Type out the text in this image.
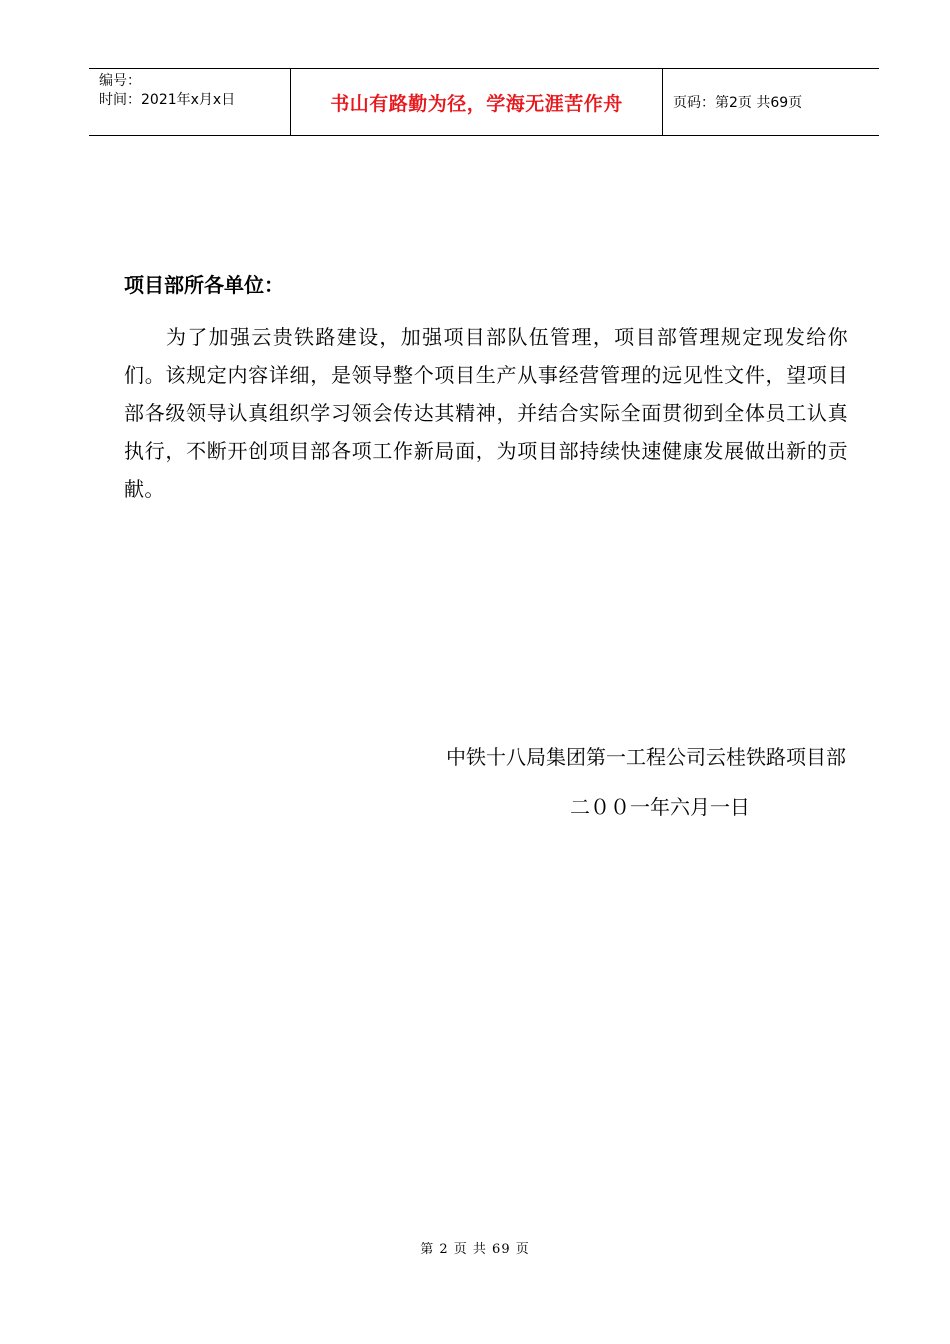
编号：
时间：2021年x月x日	书山有路勤为径，学海无涯苦作舟	页码：第2页 共69页
项目部所各单位：
为了加强云贵铁路建设，加强项目部队伍管理，项目部管理规定现发给你们。该规定内容详细，是领导整个项目生产从事经营管理的远见性文件，望项目部各级领导认真组织学习领会传达其精神，并结合实际全面贯彻到全体员工认真执行，不断开创项目部各项工作新局面，为项目部持续快速健康发展做出新的贡献。
中铁十八局集团第一工程公司云桂铁路项目部
二００一年六月一日
第 2 页 共 69 页
